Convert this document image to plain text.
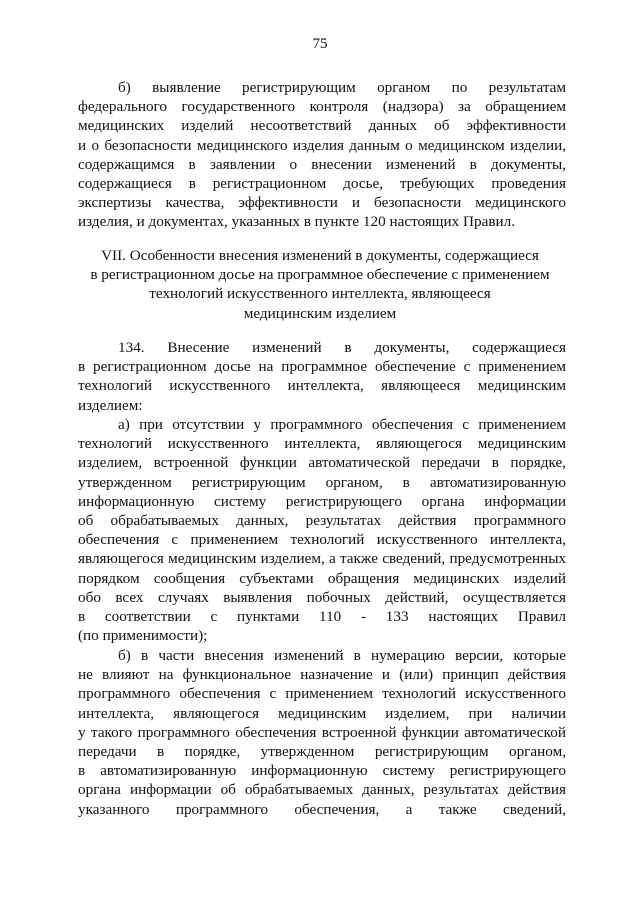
75
б) выявление регистрирующим органом по результатам
федерального государственного контроля (надзора) за обращением
медицинских изделий несоответствий данных об эффективности
и о безопасности медицинского изделия данным о медицинском изделии,
содержащимся в заявлении о внесении изменений в документы,
содержащиеся в регистрационном досье, требующих проведения
экспертизы качества, эффективности и безопасности медицинского
изделия, и документах, указанных в пункте 120 настоящих Правил.
VII. Особенности внесения изменений в документы, содержащиеся
в регистрационном досье на программное обеспечение с применением
технологий искусственного интеллекта, являющееся
медицинским изделием
134. Внесение изменений в документы, содержащиеся
в регистрационном досье на программное обеспечение с применением
технологий искусственного интеллекта, являющееся медицинским
изделием:
а) при отсутствии у программного обеспечения с применением
технологий искусственного интеллекта, являющегося медицинским
изделием, встроенной функции автоматической передачи в порядке,
утвержденном регистрирующим органом, в автоматизированную
информационную систему регистрирующего органа информации
об обрабатываемых данных, результатах действия программного
обеспечения с применением технологий искусственного интеллекта,
являющегося медицинским изделием, а также сведений, предусмотренных
порядком сообщения субъектами обращения медицинских изделий
обо всех случаях выявления побочных действий, осуществляется
в соответствии с пунктами 110 - 133 настоящих Правил
(по применимости);
б) в части внесения изменений в нумерацию версии, которые
не влияют на функциональное назначение и (или) принцип действия
программного обеспечения с применением технологий искусственного
интеллекта, являющегося медицинским изделием, при наличии
у такого программного обеспечения встроенной функции автоматической
передачи в порядке, утвержденном регистрирующим органом,
в автоматизированную информационную систему регистрирующего
органа информации об обрабатываемых данных, результатах действия
указанного программного обеспечения, а также сведений,
